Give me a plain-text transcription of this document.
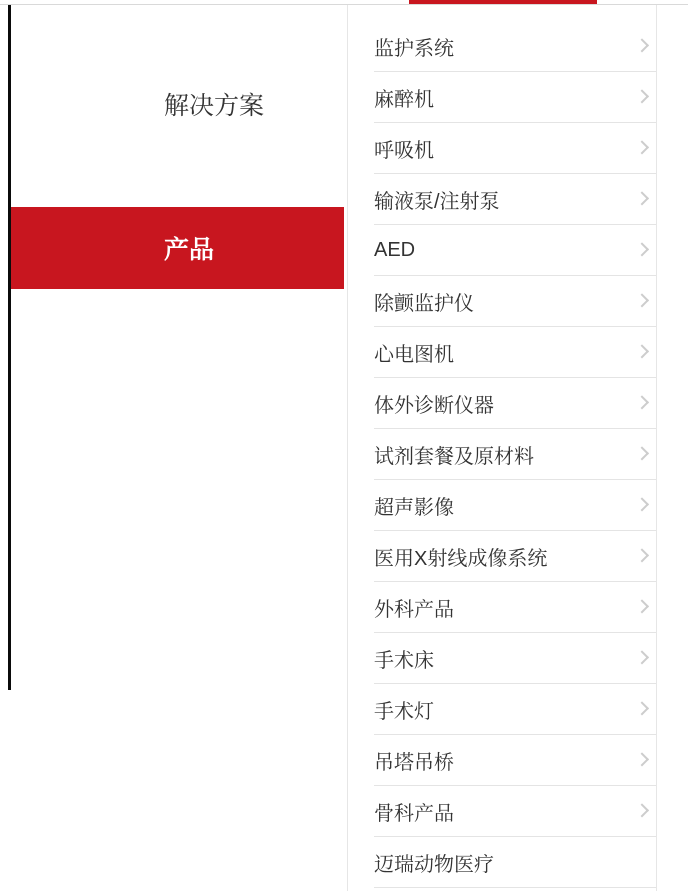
解决方案
产品
监护系统
麻醉机
呼吸机
输液泵/注射泵
AED
除颤监护仪
心电图机
体外诊断仪器
试剂套餐及原材料
超声影像
医用X射线成像系统
外科产品
手术床
手术灯
吊塔吊桥
骨科产品
迈瑞动物医疗
